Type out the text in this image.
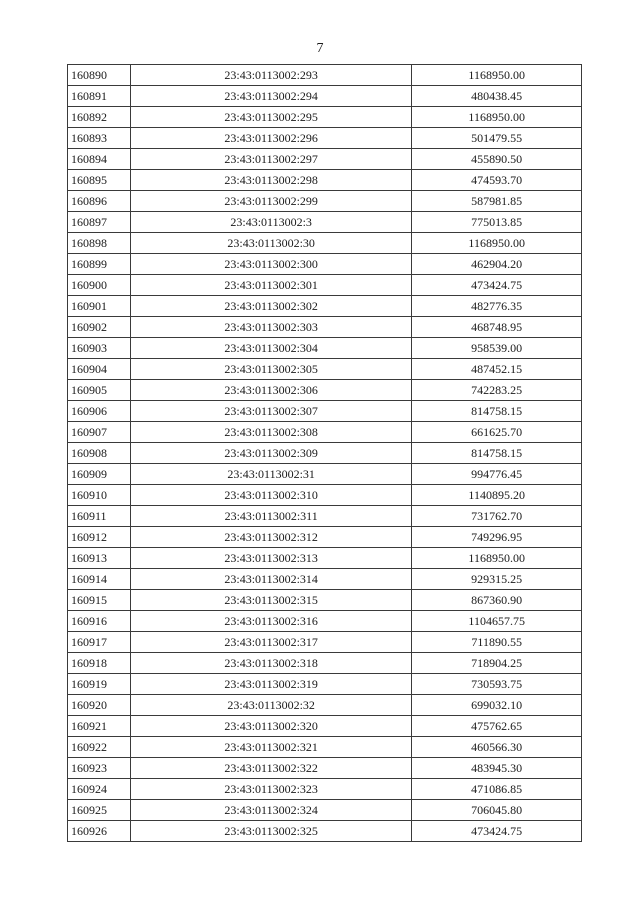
7
160890	23:43:0113002:293	1168950.00
160891	23:43:0113002:294	480438.45
160892	23:43:0113002:295	1168950.00
160893	23:43:0113002:296	501479.55
160894	23:43:0113002:297	455890.50
160895	23:43:0113002:298	474593.70
160896	23:43:0113002:299	587981.85
160897	23:43:0113002:3	775013.85
160898	23:43:0113002:30	1168950.00
160899	23:43:0113002:300	462904.20
160900	23:43:0113002:301	473424.75
160901	23:43:0113002:302	482776.35
160902	23:43:0113002:303	468748.95
160903	23:43:0113002:304	958539.00
160904	23:43:0113002:305	487452.15
160905	23:43:0113002:306	742283.25
160906	23:43:0113002:307	814758.15
160907	23:43:0113002:308	661625.70
160908	23:43:0113002:309	814758.15
160909	23:43:0113002:31	994776.45
160910	23:43:0113002:310	1140895.20
160911	23:43:0113002:311	731762.70
160912	23:43:0113002:312	749296.95
160913	23:43:0113002:313	1168950.00
160914	23:43:0113002:314	929315.25
160915	23:43:0113002:315	867360.90
160916	23:43:0113002:316	1104657.75
160917	23:43:0113002:317	711890.55
160918	23:43:0113002:318	718904.25
160919	23:43:0113002:319	730593.75
160920	23:43:0113002:32	699032.10
160921	23:43:0113002:320	475762.65
160922	23:43:0113002:321	460566.30
160923	23:43:0113002:322	483945.30
160924	23:43:0113002:323	471086.85
160925	23:43:0113002:324	706045.80
160926	23:43:0113002:325	473424.75
